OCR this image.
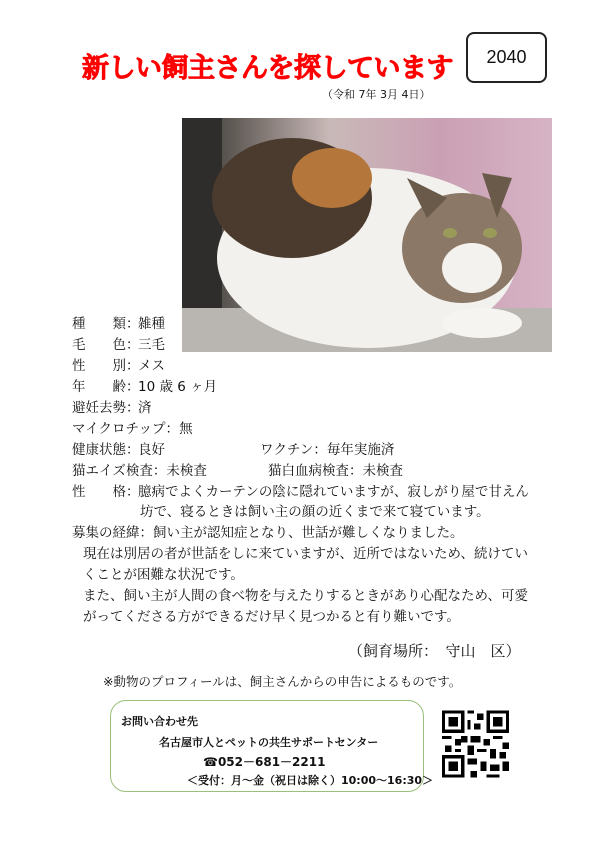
新しい飼主さんを探しています	2040
（令和 7年 3月 4日）
種　　類：雑種
毛　　色：三毛
性　　別：メス
年　　齢：10 歳 6 ヶ月
避妊去勢：済
マイクロチップ：無
健康状態：良好	ワクチン：毎年実施済
猫エイズ検査：未検査	猫白血病検査：未検査
性　　格：臆病でよくカーテンの陰に隠れていますが、寂しがり屋で甘えん
坊で、寝るときは飼い主の顔の近くまで来て寝ています。
募集の経緯：飼い主が認知症となり、世話が難しくなりました。
現在は別居の者が世話をしに来ていますが、近所ではないため、続けてい
くことが困難な状況です。
また、飼い主が人間の食べ物を与えたりするときがあり心配なため、可愛
がってくださる方ができるだけ早く見つかると有り難いです。
（飼育場所：　守山　区）
※動物のプロフィールは、飼主さんからの申告によるものです。
お問い合わせ先
名古屋市人とペットの共生サポートセンター
☎052－681－2211
＜受付：月～金（祝日は除く）10:00～16:30＞
